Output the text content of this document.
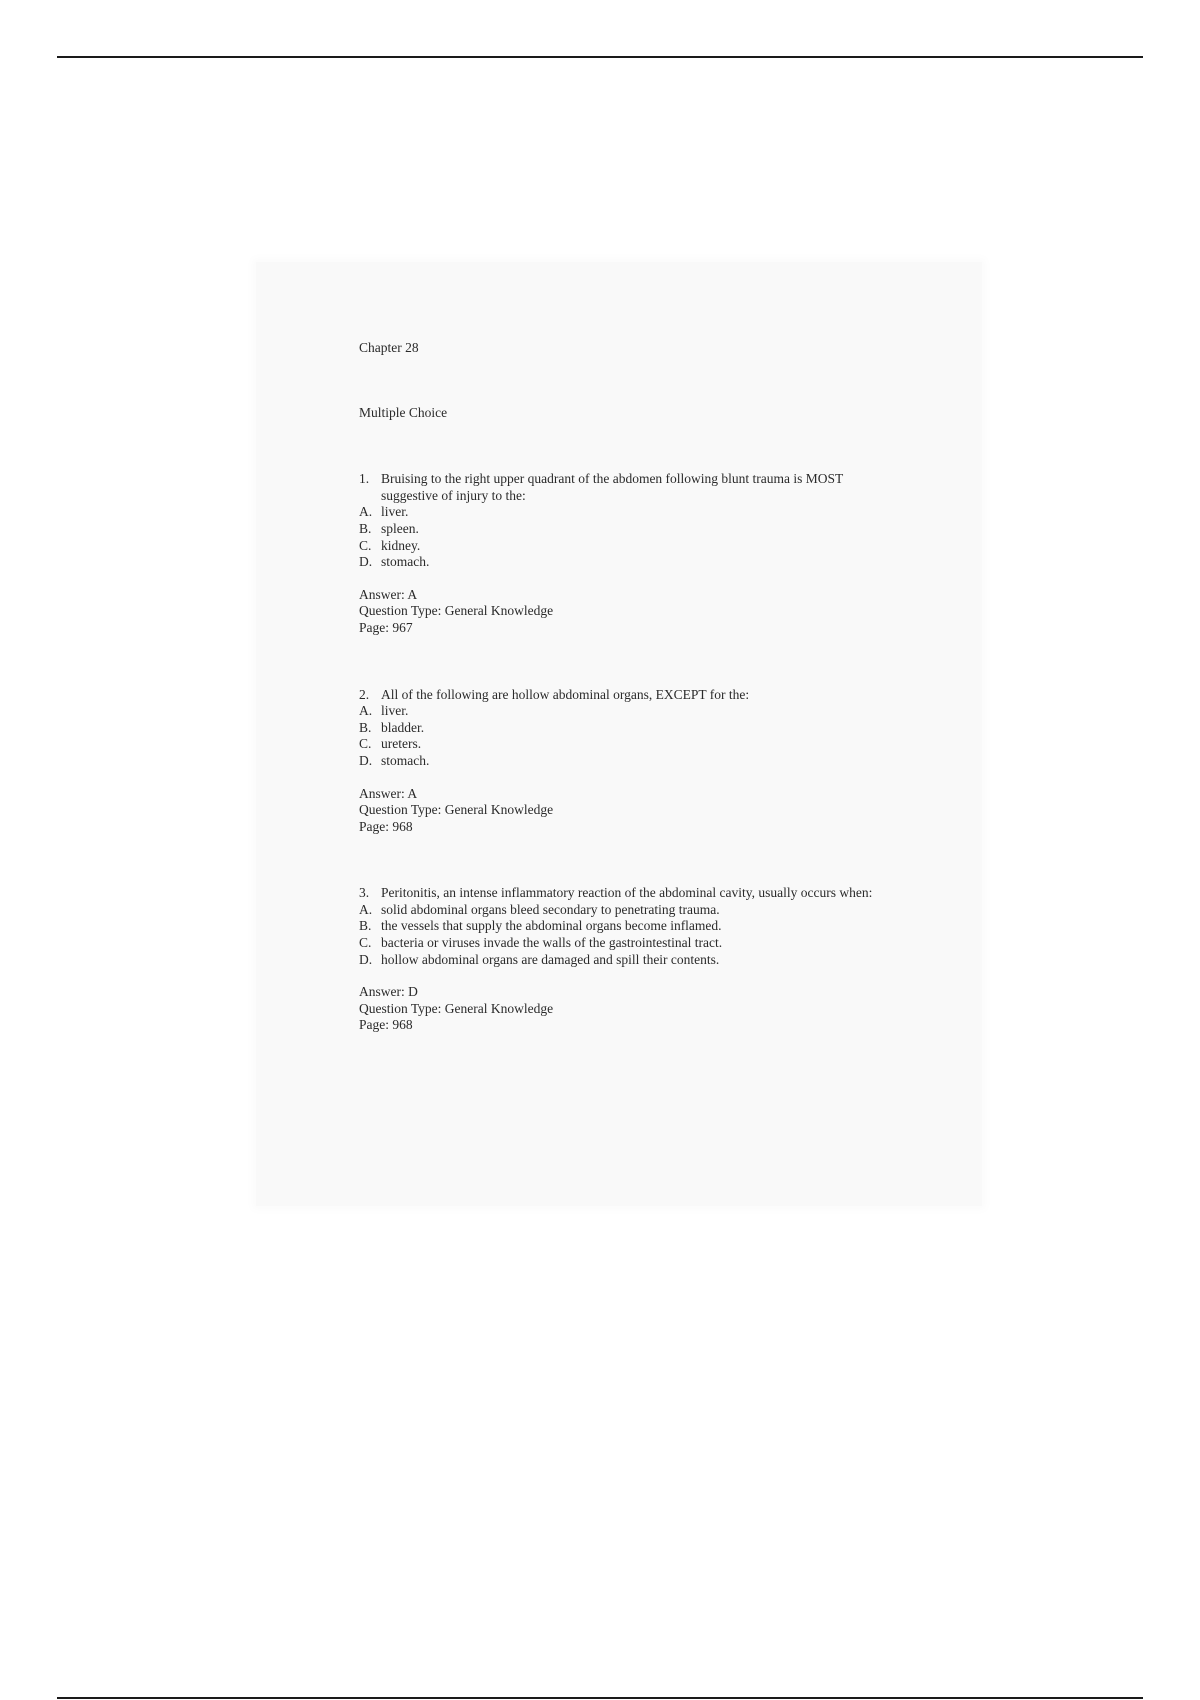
Chapter 28

Multiple Choice

1. Bruising to the right upper quadrant of the abdomen following blunt trauma is MOST suggestive of injury to the:
A. liver.
B. spleen.
C. kidney.
D. stomach.
Answer: A
Question Type: General Knowledge
Page: 967
2. All of the following are hollow abdominal organs, EXCEPT for the:
A. liver.
B. bladder.
C. ureters.
D. stomach.
Answer: A
Question Type: General Knowledge
Page: 968
3. Peritonitis, an intense inflammatory reaction of the abdominal cavity, usually occurs when:
A. solid abdominal organs bleed secondary to penetrating trauma.
B. the vessels that supply the abdominal organs become inflamed.
C. bacteria or viruses invade the walls of the gastrointestinal tract.
D. hollow abdominal organs are damaged and spill their contents.
Answer: D
Question Type: General Knowledge
Page: 968
